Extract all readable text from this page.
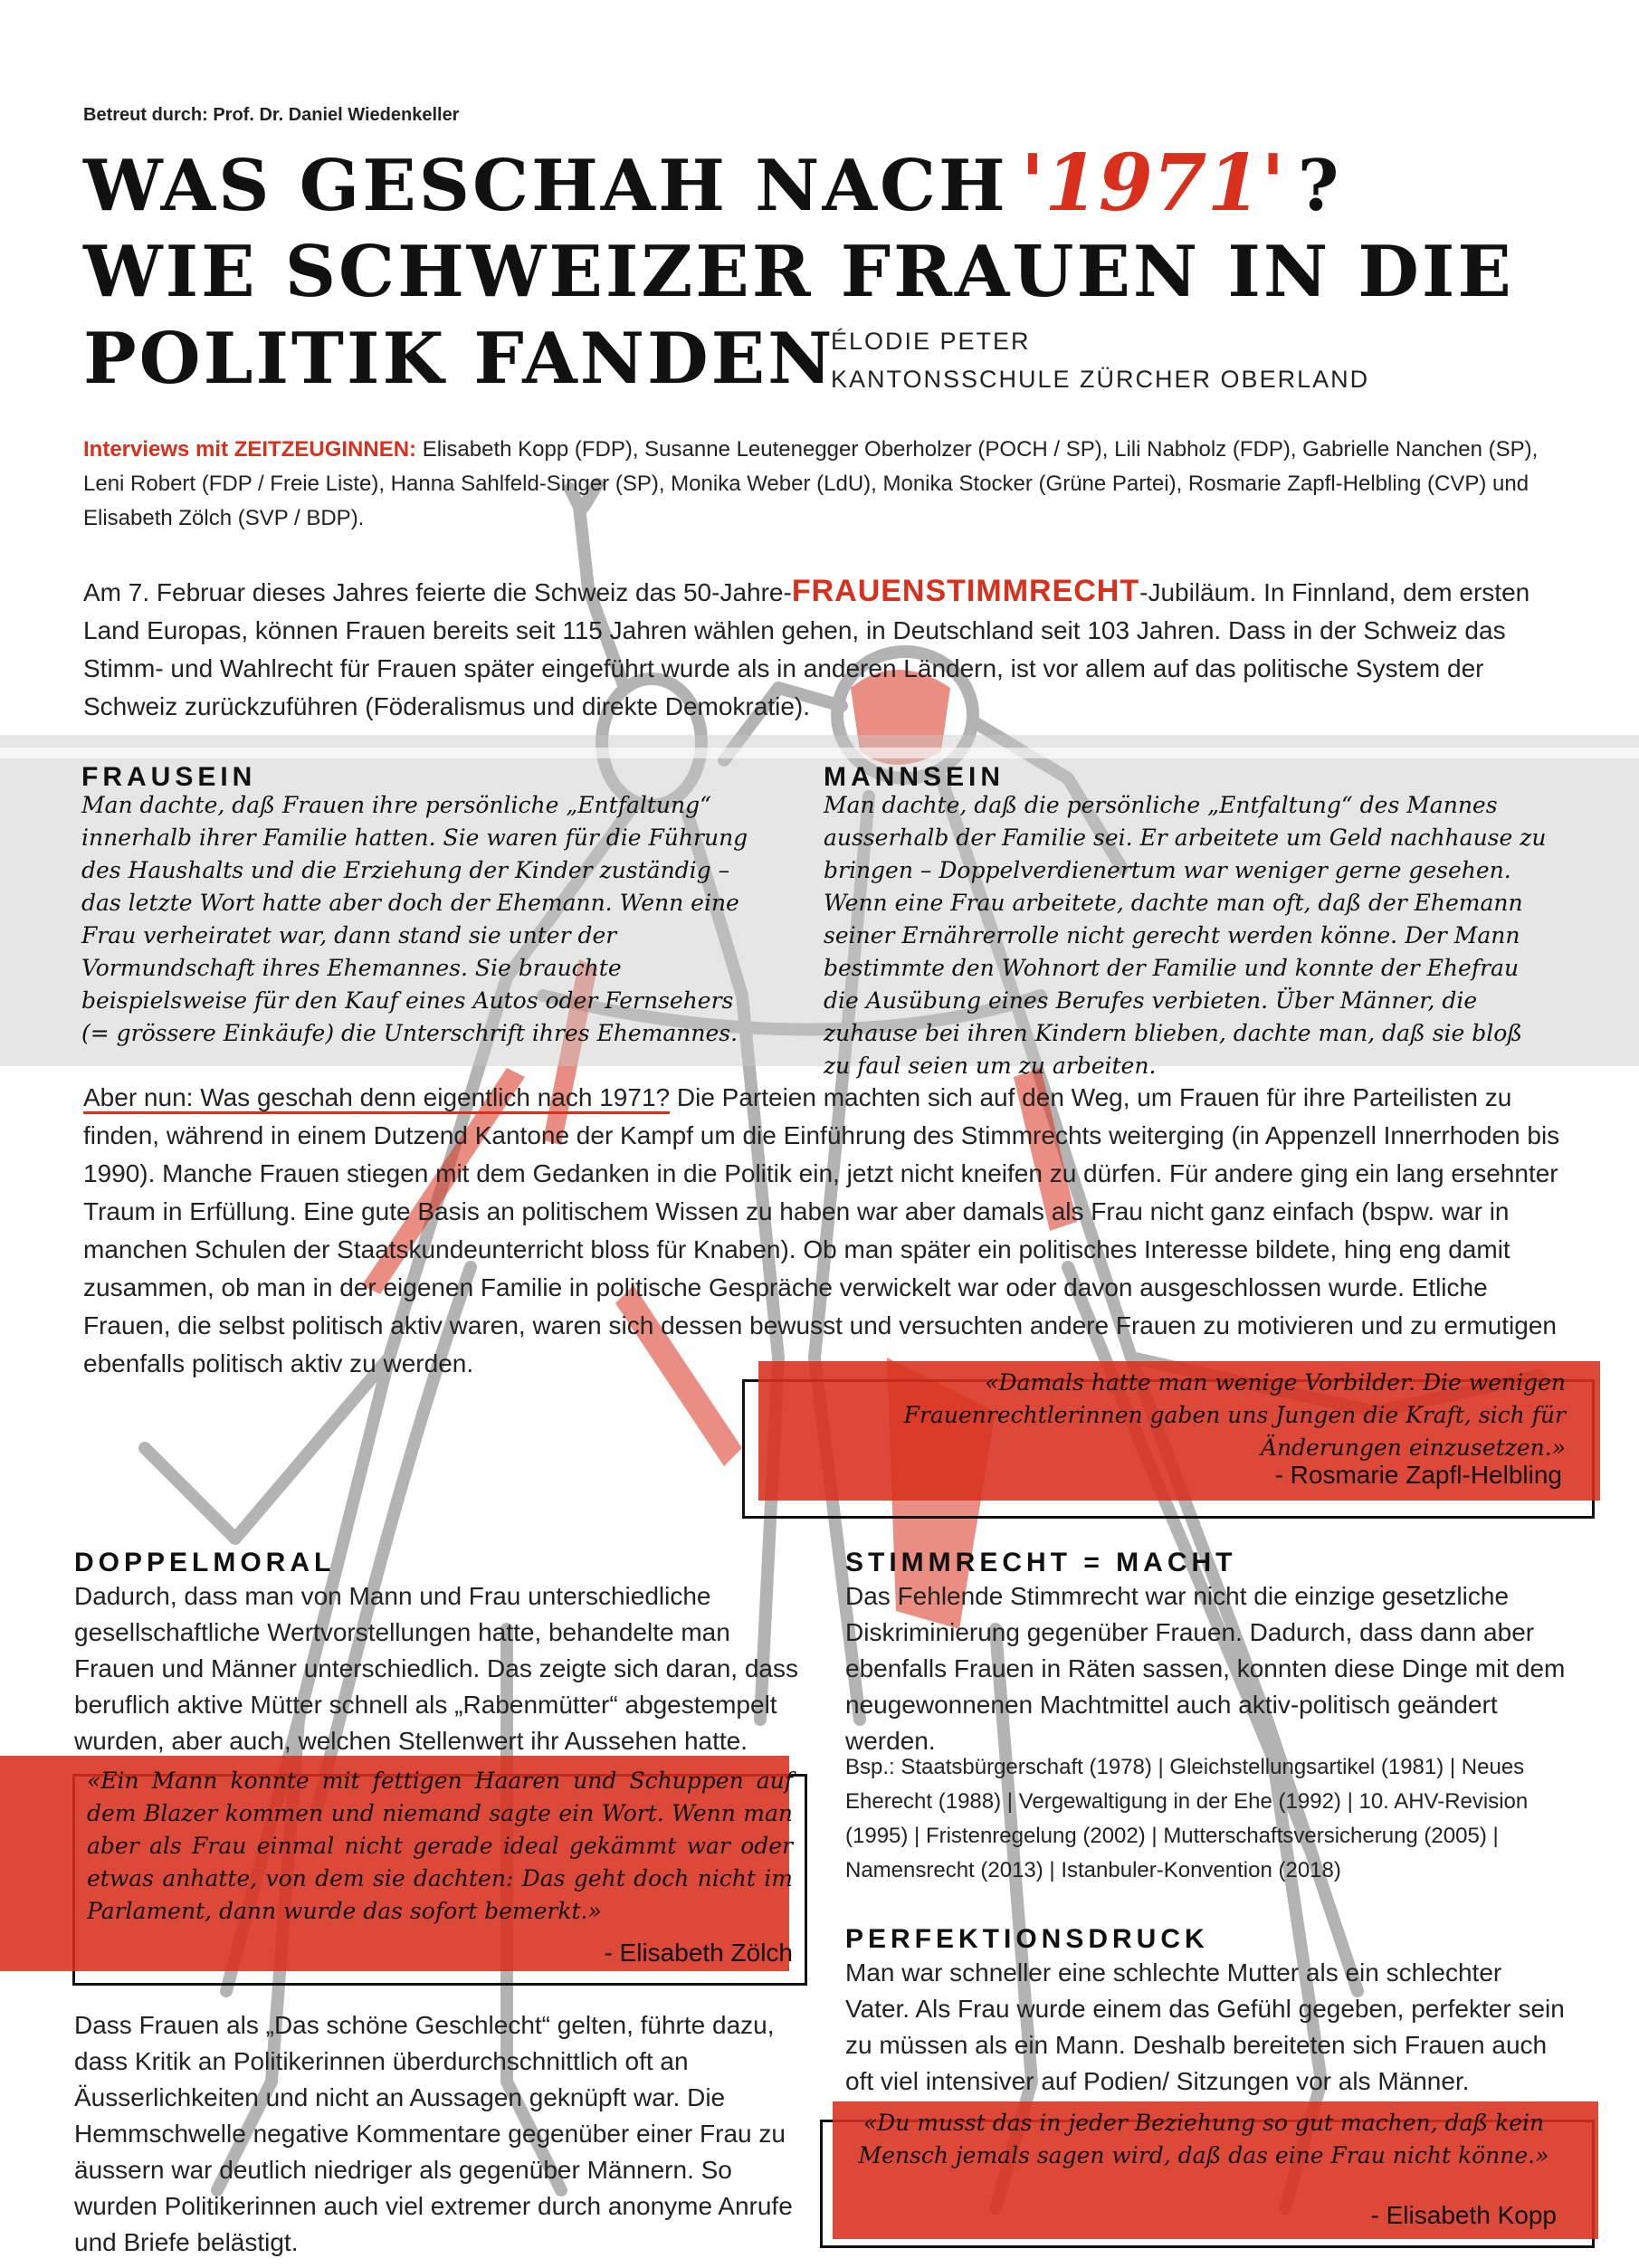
Betreut durch: Prof. Dr. Daniel Wiedenkeller
WAS GESCHAH NACH '1971' ?
WIE SCHWEIZER FRAUEN IN DIE
POLITIK FANDEN
ÉLODIE PETER
KANTONSSCHULE ZÜRCHER OBERLAND
Interviews mit ZEITZEUGINNEN: Elisabeth Kopp (FDP), Susanne Leutenegger Oberholzer (POCH / SP), Lili Nabholz (FDP), Gabrielle Nanchen (SP), Leni Robert (FDP / Freie Liste), Hanna Sahlfeld-Singer (SP), Monika Weber (LdU), Monika Stocker (Grüne Partei), Rosmarie Zapfl-Helbling (CVP) und Elisabeth Zölch (SVP / BDP).
Am 7. Februar dieses Jahres feierte die Schweiz das 50-Jahre-FRAUENSTIMMRECHT-Jubiläum. In Finnland, dem ersten Land Europas, können Frauen bereits seit 115 Jahren wählen gehen, in Deutschland seit 103 Jahren. Dass in der Schweiz das Stimm- und Wahlrecht für Frauen später eingeführt wurde als in anderen Ländern, ist vor allem auf das politische System der Schweiz zurückzuführen (Föderalismus und direkte Demokratie).
FRAUSEIN
Man dachte, daß Frauen ihre persönliche „Entfaltung“ innerhalb ihrer Familie hatten. Sie waren für die Führung des Haushalts und die Erziehung der Kinder zuständig – das letzte Wort hatte aber doch der Ehemann. Wenn eine Frau verheiratet war, dann stand sie unter der Vormundschaft ihres Ehemannes. Sie brauchte beispielsweise für den Kauf eines Autos oder Fernsehers (= grössere Einkäufe) die Unterschrift ihres Ehemannes.
MANNSEIN
Man dachte, daß die persönliche „Entfaltung“ des Mannes ausserhalb der Familie sei. Er arbeitete um Geld nachhause zu bringen – Doppelverdienertum war weniger gerne gesehen. Wenn eine Frau arbeitete, dachte man oft, daß der Ehemann seiner Ernährerrolle nicht gerecht werden könne. Der Mann bestimmte den Wohnort der Familie und konnte der Ehefrau die Ausübung eines Berufes verbieten. Über Männer, die zuhause bei ihren Kindern blieben, dachte man, daß sie bloß zu faul seien um zu arbeiten.
Aber nun: Was geschah denn eigentlich nach 1971? Die Parteien machten sich auf den Weg, um Frauen für ihre Parteilisten zu finden, während in einem Dutzend Kantone der Kampf um die Einführung des Stimmrechts weiterging (in Appenzell Innerrhoden bis 1990). Manche Frauen stiegen mit dem Gedanken in die Politik ein, jetzt nicht kneifen zu dürfen. Für andere ging ein lang ersehnter Traum in Erfüllung. Eine gute Basis an politischem Wissen zu haben war aber damals als Frau nicht ganz einfach (bspw. war in manchen Schulen der Staatskundeunterricht bloss für Knaben). Ob man später ein politisches Interesse bildete, hing eng damit zusammen, ob man in der eigenen Familie in politische Gespräche verwickelt war oder davon ausgeschlossen wurde. Etliche Frauen, die selbst politisch aktiv waren, waren sich dessen bewusst und versuchten andere Frauen zu motivieren und zu ermutigen ebenfalls politisch aktiv zu werden.
«Damals hatte man wenige Vorbilder. Die wenigen Frauenrechtlerinnen gaben uns Jungen die Kraft, sich für Änderungen einzusetzen.»
- Rosmarie Zapfl-Helbling
DOPPELMORAL
Dadurch, dass man von Mann und Frau unterschiedliche gesellschaftliche Wertvorstellungen hatte, behandelte man Frauen und Männer unterschiedlich. Das zeigte sich daran, dass beruflich aktive Mütter schnell als „Rabenmütter“ abgestempelt wurden, aber auch, welchen Stellenwert ihr Aussehen hatte.
«Ein Mann konnte mit fettigen Haaren und Schuppen auf dem Blazer kommen und niemand sagte ein Wort. Wenn man aber als Frau einmal nicht gerade ideal gekämmt war oder etwas anhatte, von dem sie dachten: Das geht doch nicht im Parlament, dann wurde das sofort bemerkt.»
- Elisabeth Zölch
Dass Frauen als „Das schöne Geschlecht“ gelten, führte dazu, dass Kritik an Politikerinnen überdurchschnittlich oft an Äusserlichkeiten und nicht an Aussagen geknüpft war. Die Hemmschwelle negative Kommentare gegenüber einer Frau zu äussern war deutlich niedriger als gegenüber Männern. So wurden Politikerinnen auch viel extremer durch anonyme Anrufe und Briefe belästigt.
STIMMRECHT = MACHT
Das Fehlende Stimmrecht war nicht die einzige gesetzliche Diskriminierung gegenüber Frauen. Dadurch, dass dann aber ebenfalls Frauen in Räten sassen, konnten diese Dinge mit dem neugewonnenen Machtmittel auch aktiv-politisch geändert werden.
Bsp.: Staatsbürgerschaft (1978) | Gleichstellungsartikel (1981) | Neues Eherecht (1988) | Vergewaltigung in der Ehe (1992) | 10. AHV-Revision (1995) | Fristenregelung (2002) | Mutterschaftsversicherung (2005) | Namensrecht (2013) | Istanbuler-Konvention (2018)
PERFEKTIONSDRUCK
Man war schneller eine schlechte Mutter als ein schlechter Vater. Als Frau wurde einem das Gefühl gegeben, perfekter sein zu müssen als ein Mann. Deshalb bereiteten sich Frauen auch oft viel intensiver auf Podien/ Sitzungen vor als Männer.
«Du musst das in jeder Beziehung so gut machen, daß kein Mensch jemals sagen wird, daß das eine Frau nicht könne.»
- Elisabeth Kopp
